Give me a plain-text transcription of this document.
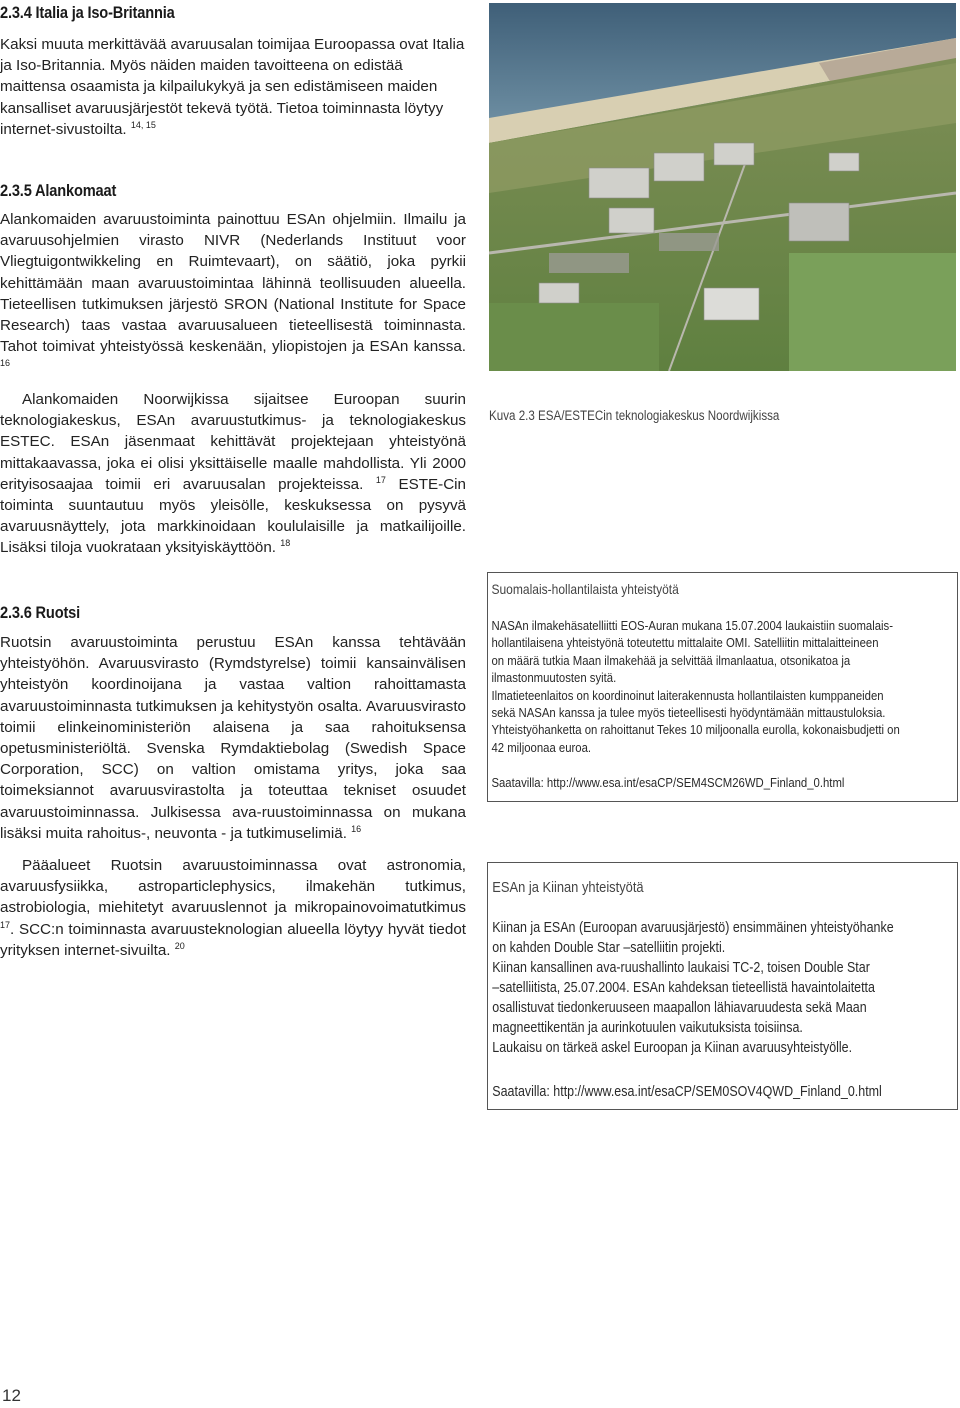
2.3.4 Italia ja Iso-Britannia

Kaksi muuta merkittävää avaruusalan toimijaa Euroopassa ovat Italia ja Iso-Britannia. Myös näiden maiden tavoitteena on edistää maittensa osaamista ja kilpailukykyä ja sen edistämiseen maiden kansalliset avaruusjärjestöt tekevä työtä. Tietoa toiminnasta löytyy internet-sivustoilta. $^{14, 15}$

2.3.5 Alankomaat

Alankomaiden avaruustoiminta painottuu ESAn ohjelmiin. Ilmailu ja avaruusohjelmien virasto NIVR (Nederlands Instituut voor Vliegtuigontwikkeling en Ruimtevaart), on säätiö, joka pyrkii kehittämään maan avaruustoimintaa lähinnä teollisuuden alueella. Tieteellisen tutkimuksen järjestö SRON (National Institute for Space Research) taas vastaa avaruusalueen tieteellisestä toiminnasta. Tahot toimivat yhteistyössä keskenään, yliopistojen ja ESAn kanssa. $^{16}$

Alankomaiden Noorwijkissa sijaitsee Euroopan suurin teknologiakeskus, ESAn avaruustutkimus- ja teknologiakeskus ESTEC. ESAn jäsenmaat kehittävät projektejaan yhteistyönä mittakaavassa, joka ei olisi yksittäiselle maalle mahdollista. Yli 2000 erityisosaajaa toimii eri avaruusalan projekteissa. $^{17}$ ESTE-Cin toiminta suuntautuu myös yleisölle, keskuksessa on pysyvä avaruusnäyttely, jota markkinoidaan koululaisille ja matkailijoille. Lisäksi tiloja vuokrataan yksityiskäyttöön. $^{18}$

2.3.6 Ruotsi

Ruotsin avaruustoiminta perustuu ESAn kanssa tehtävään yhteistyöhön. Avaruusvirasto (Rymdstyrelse) toimii kansainvälisen yhteistyön koordinoijana ja vastaa valtion rahoittamasta avaruustoiminnasta tutkimuksen ja kehitystyön osalta. Avaruusvirasto toimii elinkeinoministeriön alaisena ja saa rahoituksensa opetusministeriöltä. Svenska Rymdaktiebolag (Swedish Space Corporation, SCC) on valtion omistama yritys, joka saa toimeksiannot avaruusvirastolta ja toteuttaa tekniset osuudet avaruustoiminnassa. Julkisessa ava-ruustoiminnassa on mukana lisäksi muita rahoitus-, neuvonta - ja tutkimuselimiä. $^{16}$

Pääalueet Ruotsin avaruustoiminnassa ovat astronomia, avaruusfysiikka, astroparticlephysics, ilmakehän tutkimus, astrobiologia, miehitetyt avaruuslennot ja mikropainovoimatutkimus $^{17}$. SCC:n toiminnasta avaruusteknologian alueella löytyy hyvät tiedot yrityksen internet-sivuilta. $^{20}$

Kuva 2.3 ESA/ESTECin teknologiakeskus Noordwijkissa

Suomalais-hollantilaista yhteistyötä

NASAn ilmakehäsatelliitti EOS-Auran mukana 15.07.2004 laukaistiin suomalais-

hollantilaisena yhteistyönä toteutettu mittalaite OMI. Satelliitin mittalaitteineen

on määrä tutkia Maan ilmakehää ja selvittää ilmanlaatua, otsonikatoa ja

ilmastonmuutosten syitä.

Ilmatieteenlaitos on koordinoinut laiterakennusta hollantilaisten kumppaneiden

sekä NASAn kanssa ja tulee myös tieteellisesti hyödyntämään mittaustuloksia.

Yhteistyöhanketta on rahoittanut Tekes 10 miljoonalla eurolla, kokonaisbudjetti on

42 miljoonaa euroa.

Saatavilla: http://www.esa.int/esaCP/SEM4SCM26WD_Finland_0.html

ESAn ja Kiinan yhteistyötä

Kiinan ja ESAn (Euroopan avaruusjärjestö) ensimmäinen yhteistyöhanke

on kahden Double Star –satelliitin projekti.

Kiinan kansallinen ava-ruushallinto laukaisi TC-2, toisen Double Star

–satelliitista, 25.07.2004. ESAn kahdeksan tieteellistä havaintolaitetta

osallistuvat tiedonkeruuseen maapallon lähiavaruudesta sekä Maan

magneettikentän ja aurinkotuulen vaikutuksista toisiinsa.

Laukaisu on tärkeä askel Euroopan ja Kiinan avaruusyhteistyölle.

Saatavilla: http://www.esa.int/esaCP/SEM0SOV4QWD_Finland_0.html

12
